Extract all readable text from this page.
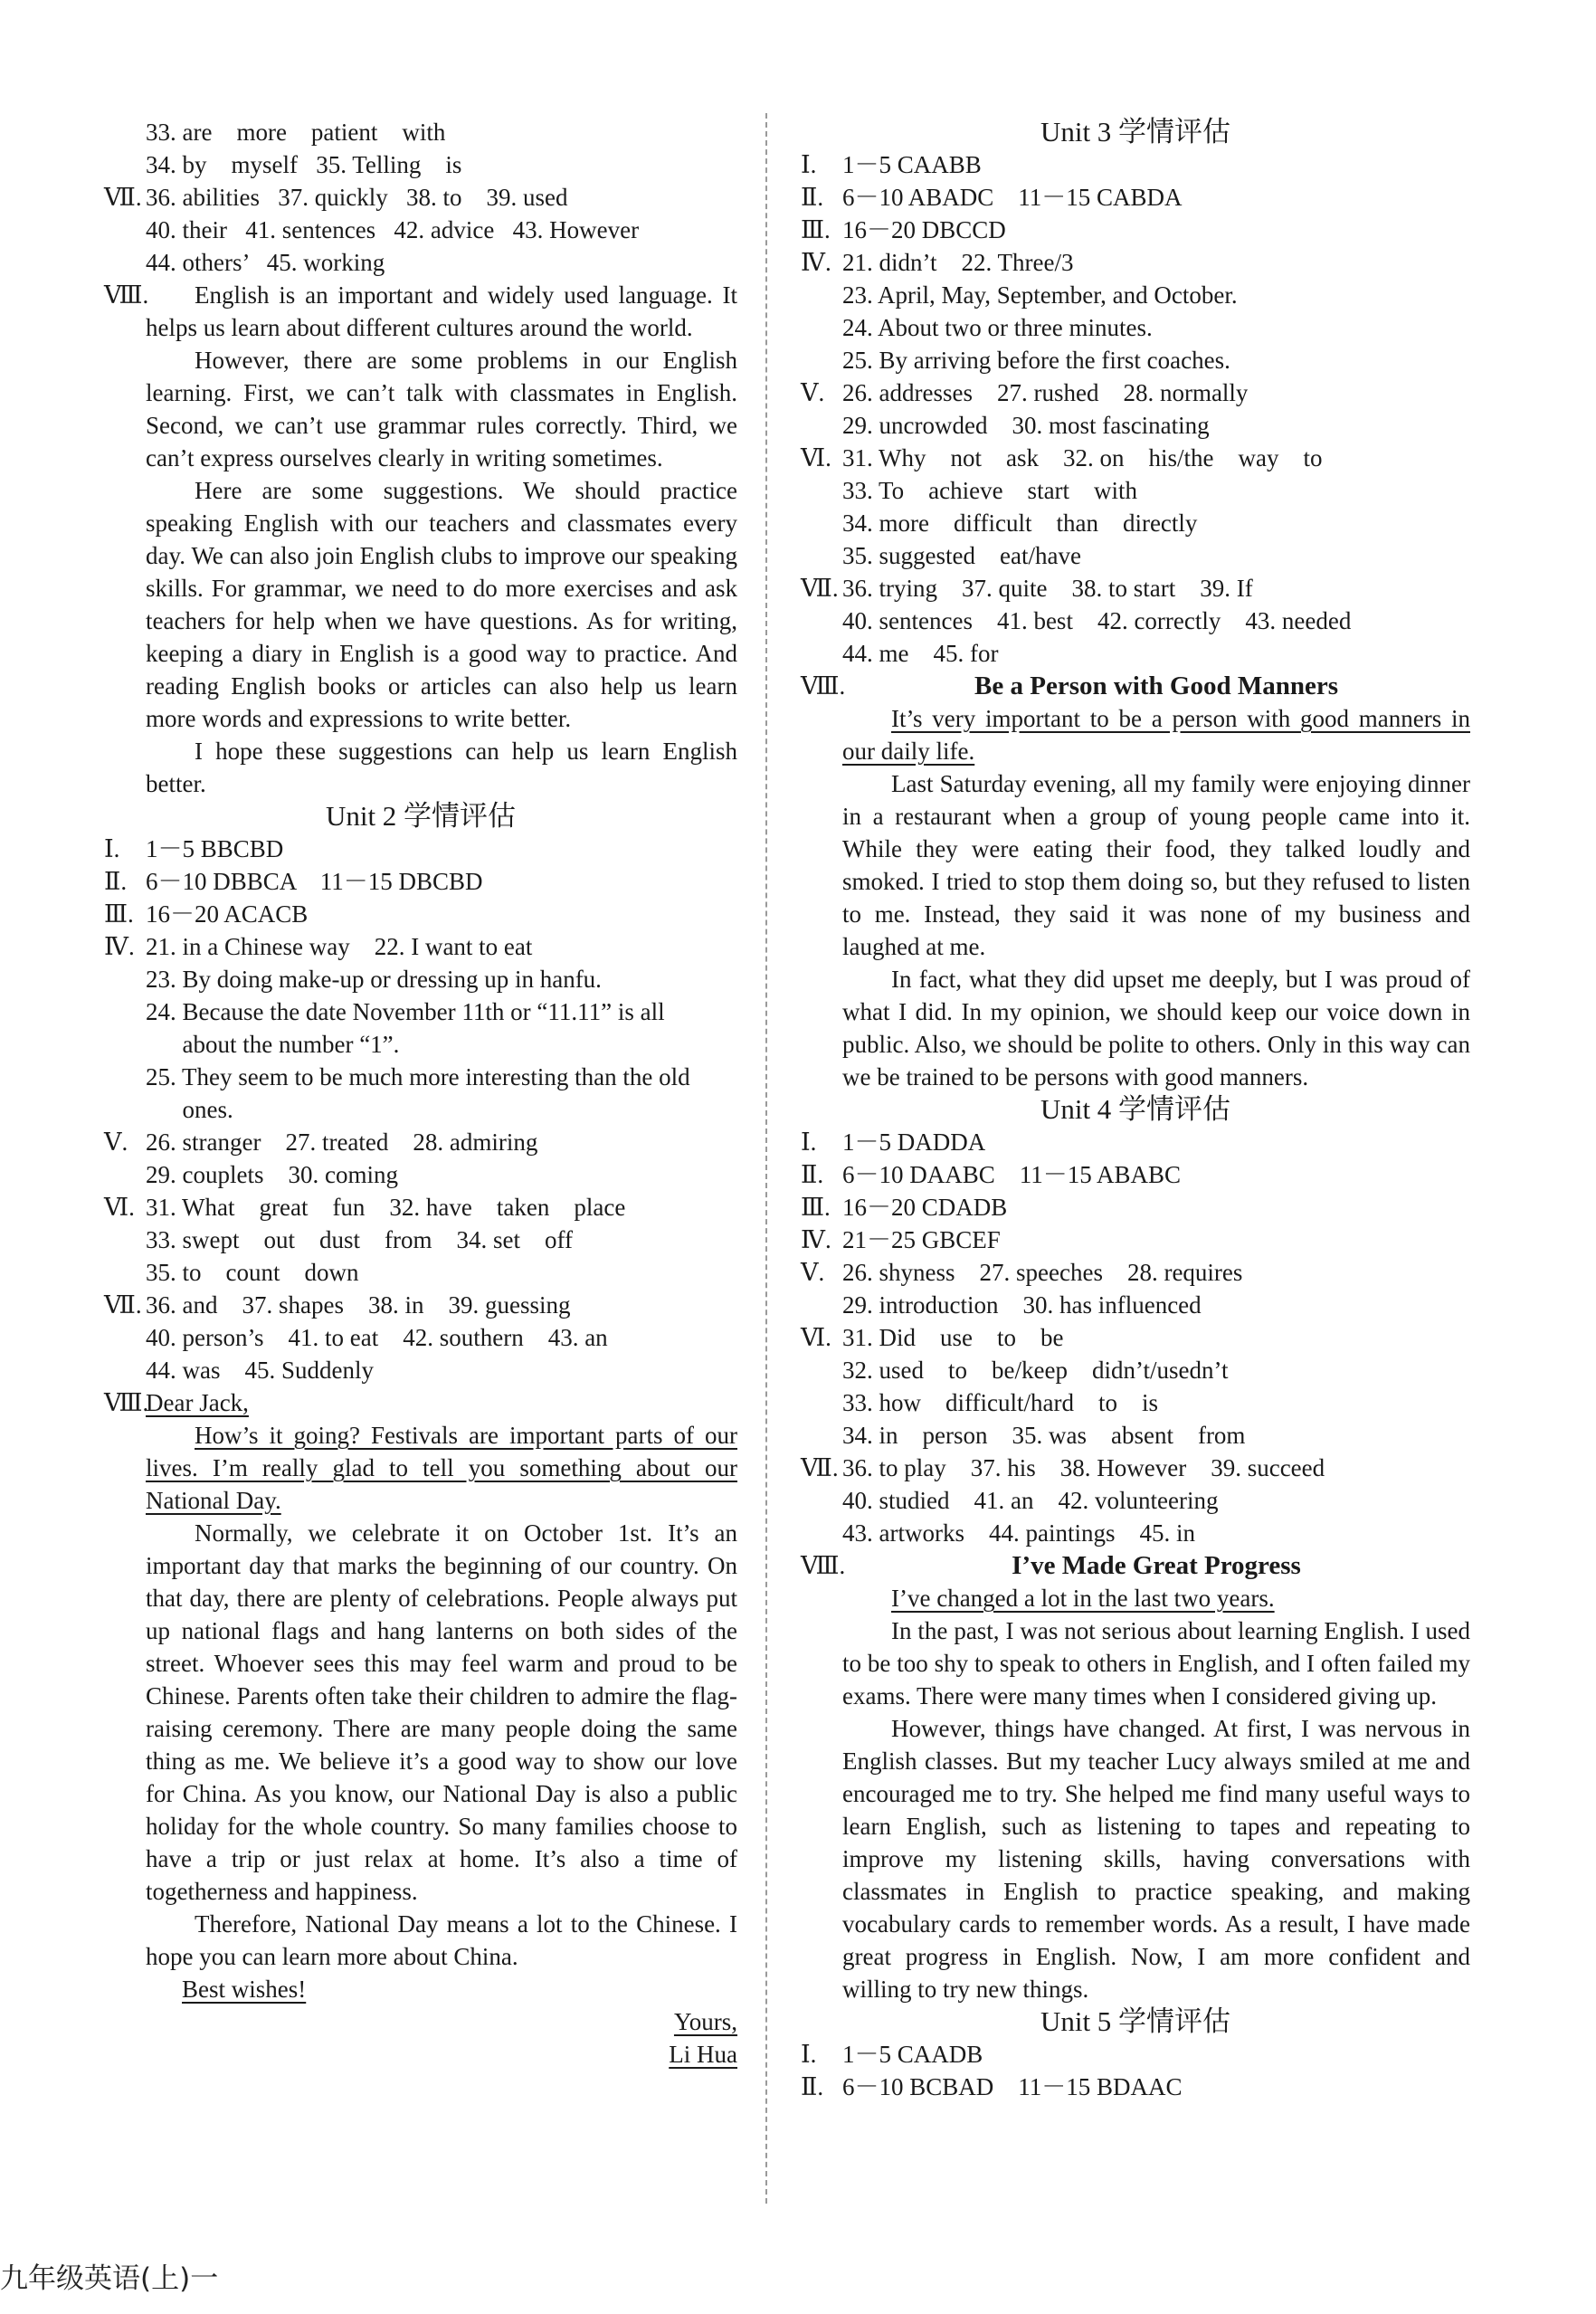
33. are    more    patient    with
34. by    myself   35. Telling    is
Ⅶ. 36. abilities   37. quickly   38. to    39. used
40. their   41. sentences   42. advice   43. However
44. others’   45. working
Ⅷ.	English is an important and widely used language. It helps us learn about different cultures around the world.
However, there are some problems in our English learning. First, we can’t talk with classmates in English. Second, we can’t use grammar rules correctly. Third, we can’t express ourselves clearly in writing sometimes.
Here are some suggestions. We should practice speaking English with our teachers and classmates every day. We can also join English clubs to improve our speaking skills. For grammar, we need to do more exercises and ask teachers for help when we have questions. As for writing, keeping a diary in English is a good way to practice. And reading English books or articles can also help us learn more words and expressions to write better.
I hope these suggestions can help us learn English better.
Unit 2 学情评估
Ⅰ.	1－5 BBCBD
Ⅱ. 6－10 DBBCA    11－15 DBCBD
Ⅲ. 16－20 ACACB
Ⅳ. 21. in a Chinese way    22. I want to eat
23. By doing make-up or dressing up in hanfu.
24. Because the date November 11th or “11.11” is all
about the number “1”.
25. They seem to be much more interesting than the old
ones.
Ⅴ. 26. stranger    27. treated    28. admiring
29. couplets    30. coming
Ⅵ. 31. What    great    fun    32. have    taken    place
33. swept    out    dust    from    34. set    off
35. to    count    down
Ⅶ. 36. and    37. shapes    38. in    39. guessing
40. person’s    41. to eat    42. southern    43. an
44. was    45. Suddenly
Ⅷ.
Dear Jack,
How’s it going? Festivals are important parts of our lives. I’m really glad to tell you something about our National Day.
Normally, we celebrate it on October 1st. It’s an important day that marks the beginning of our country. On that day, there are plenty of celebrations. People always put up national flags and hang lanterns on both sides of the street. Whoever sees this may feel warm and proud to be Chinese. Parents often take their children to admire the flag-raising ceremony. There are many people doing the same thing as me. We believe it’s a good way to show our love for China. As you know, our National Day is also a public holiday for the whole country. So many families choose to have a trip or just relax at home. It’s also a time of togetherness and happiness.
Therefore, National Day means a lot to the Chinese. I hope you can learn more about China.
Best wishes!
Yours,
Li Hua
Unit 3 学情评估
Ⅰ.	1－5 CAABB
Ⅱ. 6－10 ABADC    11－15 CABDA
Ⅲ. 16－20 DBCCD
Ⅳ. 21. didn’t    22. Three/3
23. April, May, September, and October.
24. About two or three minutes.
25. By arriving before the first coaches.
Ⅴ. 26. addresses    27. rushed    28. normally
29. uncrowded    30. most fascinating
Ⅵ. 31. Why    not    ask    32. on    his/the    way    to
33. To    achieve    start    with
34. more    difficult    than    directly
35. suggested    eat/have
Ⅶ. 36. trying    37. quite    38. to start    39. If
40. sentences    41. best    42. correctly    43. needed
44. me    45. for
Ⅷ.	Be a Person with Good Manners
It’s very important to be a person with good manners in our daily life.
Last Saturday evening, all my family were enjoying dinner in a restaurant when a group of young people came into it. While they were eating their food, they talked loudly and smoked. I tried to stop them doing so, but they refused to listen to me. Instead, they said it was none of my business and laughed at me.
In fact, what they did upset me deeply, but I was proud of what I did. In my opinion, we should keep our voice down in public. Also, we should be polite to others. Only in this way can we be trained to be persons with good manners.
Unit 4 学情评估
Ⅰ.	1－5 DADDA
Ⅱ. 6－10 DAABC    11－15 ABABC
Ⅲ. 16－20 CDADB
Ⅳ. 21－25 GBCEF
Ⅴ. 26. shyness    27. speeches    28. requires
29. introduction    30. has influenced
Ⅵ. 31. Did    use    to    be
32. used    to    be/keep    didn’t/usedn’t
33. how    difficult/hard    to    is
34. in    person    35. was    absent    from
Ⅶ. 36. to play    37. his    38. However    39. succeed
40. studied    41. an    42. volunteering
43. artworks    44. paintings    45. in
Ⅷ.	I’ve Made Great Progress
I’ve changed a lot in the last two years.
In the past, I was not serious about learning English. I used to be too shy to speak to others in English, and I often failed my exams. There were many times when I considered giving up.
However, things have changed. At first, I was nervous in English classes. But my teacher Lucy always smiled at me and encouraged me to try. She helped me find many useful ways to learn English, such as listening to tapes and repeating to improve my listening skills, having conversations with classmates in English to practice speaking, and making vocabulary cards to remember words. As a result, I have made great progress in English. Now, I am more confident and willing to try new things.
Unit 5 学情评估
Ⅰ.	1－5 CAADB
Ⅱ. 6－10 BCBAD    11－15 BDAAC
九年级英语(上)一
